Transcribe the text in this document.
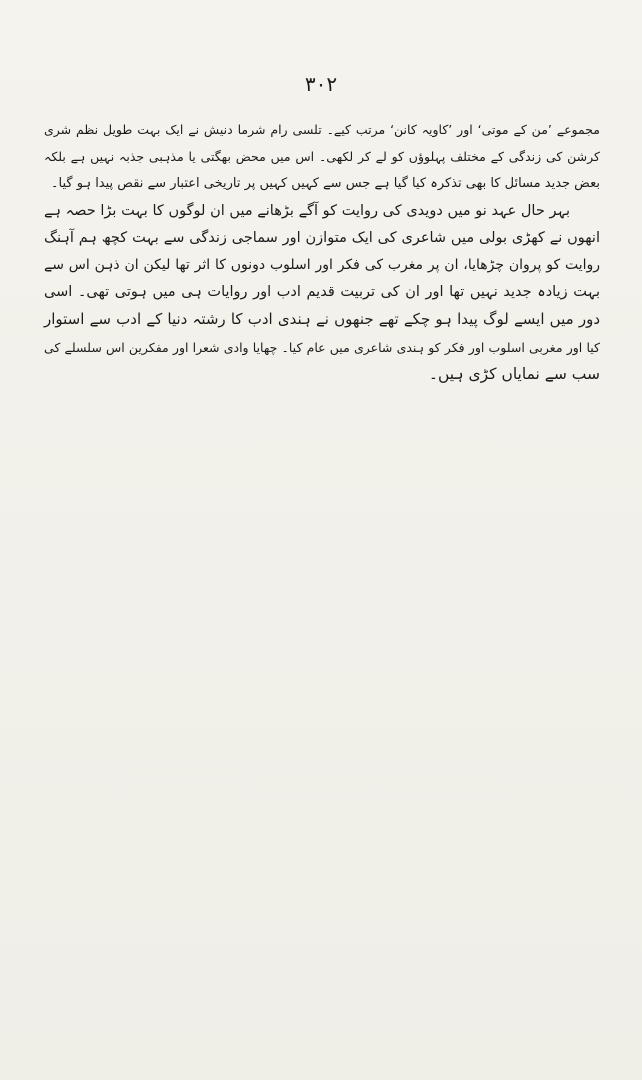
۳۰۲
مجموعے ’من کے موتی‘ اور ’کاویہ کانن‘ مرتب کیے۔ تلسی رام شرما دنیش نے ایک بہت طویل نظم شری
کرشن کی زندگی کے مختلف پہلوؤں کو لے کر لکھی۔ اس میں محض بھگتی یا مذہبی جذبہ نہیں ہے بلکہ
بعض جدید مسائل کا بھی تذکرہ کیا گیا ہے جس سے کہیں کہیں پر تاریخی اعتبار سے نقص پیدا ہو گیا۔
بہر حال عہد نو میں دویدی کی روایت کو آگے بڑھانے میں ان لوگوں کا بہت بڑا حصہ ہے
انھوں نے کھڑی بولی میں شاعری کی ایک متوازن اور سماجی زندگی سے بہت کچھ ہم آہنگ
روایت کو پروان چڑھایا، ان پر مغرب کی فکر اور اسلوب دونوں کا اثر تھا لیکن ان ذہن اس سے
بہت زیادہ جدید نہیں تھا اور ان کی تربیت قدیم ادب اور روایات ہی میں ہوتی تھی۔ اسی
دور میں ایسے لوگ پیدا ہو چکے تھے جنھوں نے ہندی ادب کا رشتہ دنیا کے ادب سے استوار
کیا اور مغربی اسلوب اور فکر کو ہندی شاعری میں عام کیا۔ چھایا وادی شعرا اور مفکرین اس سلسلے کی
سب سے نمایاں کڑی ہیں۔
